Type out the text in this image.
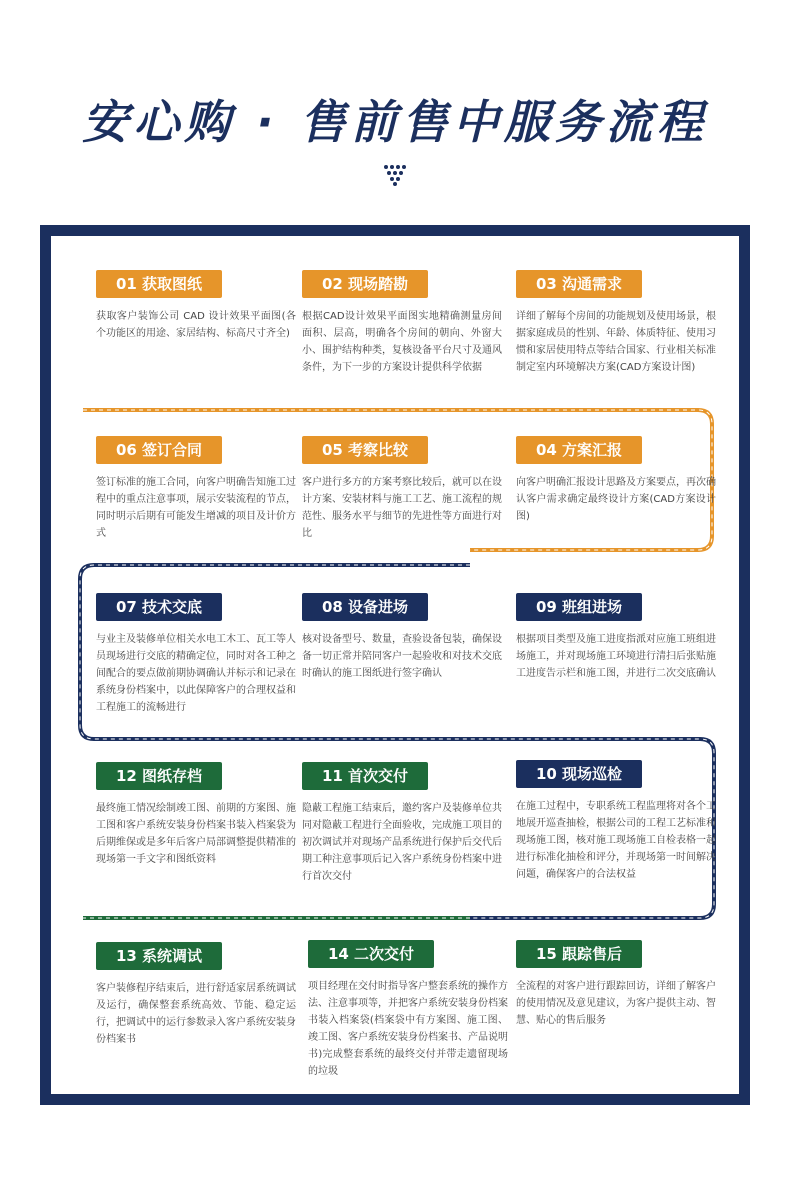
安心购 · 售前售中服务流程
01 获取图纸
获取客户装饰公司 CAD 设计效果平面图(各个功能区的用途、家居结构、标高尺寸齐全)
02 现场踏勘
根据CAD设计效果平面图实地精确测量房间面积、层高，明确各个房间的朝向、外窗大小、围护结构种类，复核设备平台尺寸及通风条件，为下一步的方案设计提供科学依据
03 沟通需求
详细了解每个房间的功能规划及使用场景，根据家庭成员的性别、年龄、体质特征、使用习惯和家居使用特点等结合国家、行业相关标准制定室内环境解决方案(CAD方案设计图)
06 签订合同
签订标准的施工合同，向客户明确告知施工过程中的重点注意事项，展示安装流程的节点，同时明示后期有可能发生增减的项目及计价方式
05 考察比较
客户进行多方的方案考察比较后，就可以在设计方案、安装材料与施工工艺、施工流程的规范性、服务水平与细节的先进性等方面进行对比
04 方案汇报
向客户明确汇报设计思路及方案要点，再次确认客户需求确定最终设计方案(CAD方案设计图)
07 技术交底
与业主及装修单位相关水电工木工、瓦工等人员现场进行交底的精确定位，同时对各工种之间配合的要点做前期协调确认并标示和记录在系统身份档案中，以此保障客户的合理权益和工程施工的流畅进行
08 设备进场
核对设备型号、数量，查验设备包装，确保设备一切正常并陪同客户一起验收和对技术交底时确认的施工图纸进行签字确认
09 班组进场
根据项目类型及施工进度指派对应施工班组进场施工，并对现场施工环境进行清扫后张贴施工进度告示栏和施工图，并进行二次交底确认
12 图纸存档
最终施工情况绘制竣工图、前期的方案图、施工图和客户系统安装身份档案书装入档案袋为后期维保或是多年后客户局部调整提供精准的现场第一手文字和图纸资料
11 首次交付
隐蔽工程施工结束后，邀约客户及装修单位共同对隐蔽工程进行全面验收，完成施工项目的初次调试并对现场产品系统进行保护后交代后期工种注意事项后记入客户系统身份档案中进行首次交付
10 现场巡检
在施工过程中，专职系统工程监理将对各个工地展开巡查抽检，根据公司的工程工艺标准和现场施工图，核对施工现场施工自检表格一起进行标准化抽检和评分，并现场第一时间解决问题，确保客户的合法权益
13 系统调试
客户装修程序结束后，进行舒适家居系统调试及运行，确保整套系统高效、节能、稳定运行，把调试中的运行参数录入客户系统安装身份档案书
14 二次交付
项目经理在交付时指导客户整套系统的操作方法、注意事项等，并把客户系统安装身份档案书装入档案袋(档案袋中有方案图、施工图、竣工图、客户系统安装身份档案书、产品说明书)完成整套系统的最终交付并带走遗留现场的垃圾
15 跟踪售后
全流程的对客户进行跟踪回访，详细了解客户的使用情况及意见建议，为客户提供主动、智慧、贴心的售后服务
